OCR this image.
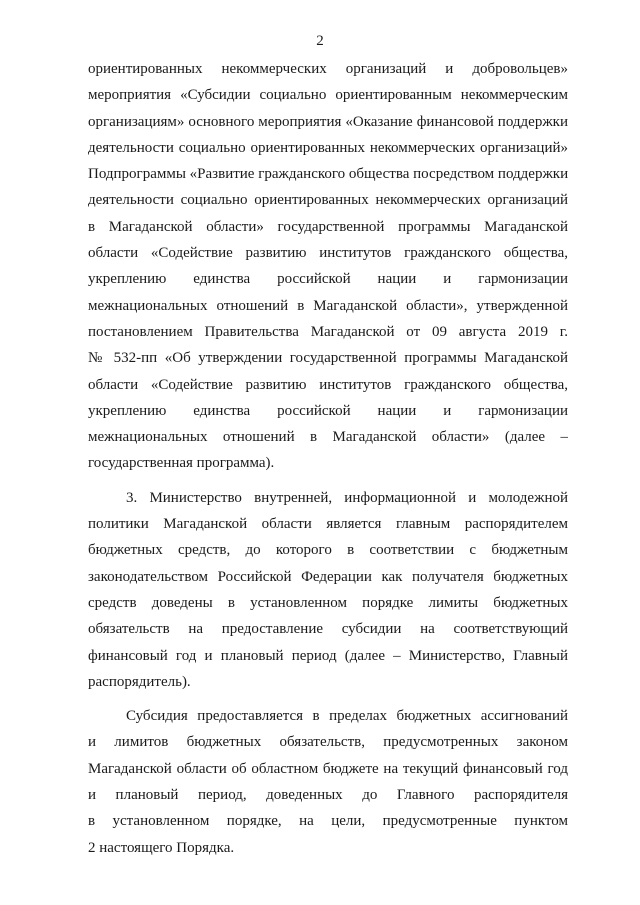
2
ориентированных некоммерческих организаций и добровольцев»
мероприятия «Субсидии социально ориентированным некоммерческим
организациям» основного мероприятия «Оказание финансовой поддержки
деятельности социально ориентированных некоммерческих организаций»
Подпрограммы «Развитие гражданского общества посредством поддержки
деятельности социально ориентированных некоммерческих организаций
в Магаданской области» государственной программы Магаданской
области «Содействие развитию институтов гражданского общества,
укреплению единства российской нации и гармонизации
межнациональных отношений в Магаданской области», утвержденной
постановлением Правительства Магаданской от 09 августа 2019 г.
№ 532-пп «Об утверждении государственной программы Магаданской
области «Содействие развитию институтов гражданского общества,
укреплению единства российской нации и гармонизации
межнациональных отношений в Магаданской области» (далее –
государственная программа).
3. Министерство внутренней, информационной и молодежной
политики Магаданской области является главным распорядителем
бюджетных средств, до которого в соответствии с бюджетным
законодательством Российской Федерации как получателя бюджетных
средств доведены в установленном порядке лимиты бюджетных
обязательств на предоставление субсидии на соответствующий
финансовый год и плановый период (далее – Министерство, Главный
распорядитель).
Субсидия предоставляется в пределах бюджетных ассигнований
и лимитов бюджетных обязательств, предусмотренных законом
Магаданской области об областном бюджете на текущий финансовый год
и плановый период, доведенных до Главного распорядителя
в установленном порядке, на цели, предусмотренные пунктом
2 настоящего Порядка.
